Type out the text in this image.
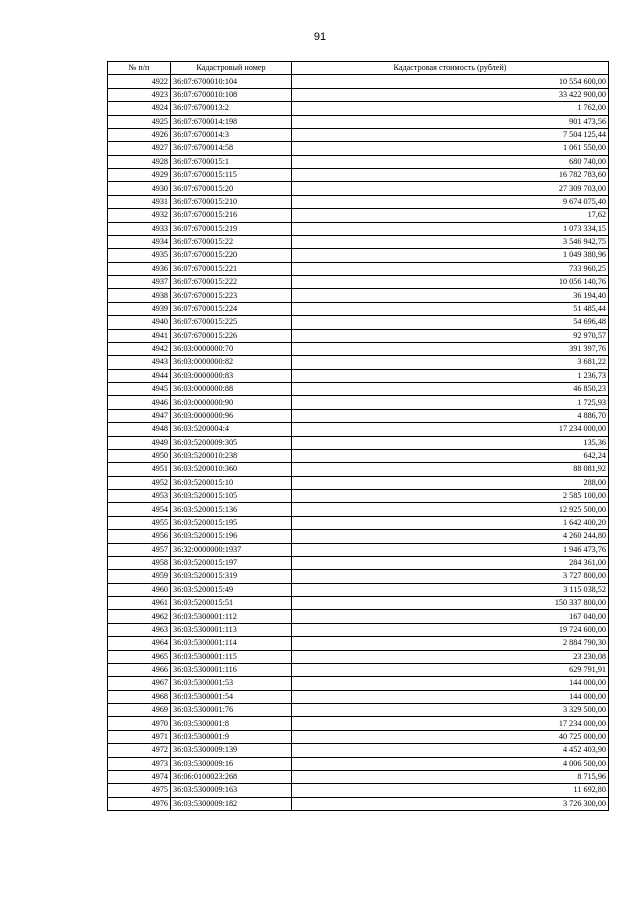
91
№ п/п	Кадастровый номер	Кадастровая стоимость (рублей)
4922	36:07:6700010:104	10 554 600,00
4923	36:07:6700010:108	33 422 900,00
4924	36:07:6700013:2	1 762,00
4925	36:07:6700014:198	901 473,56
4926	36:07:6700014:3	7 504 125,44
4927	36:07:6700014:58	1 061 550,00
4928	36:07:6700015:1	680 740,00
4929	36:07:6700015:115	16 782 783,60
4930	36:07:6700015:20	27 309 703,00
4931	36:07:6700015:210	9 674 075,40
4932	36:07:6700015:216	17,62
4933	36:07:6700015:219	1 073 334,15
4934	36:07:6700015:22	3 546 942,75
4935	36:07:6700015:220	1 049 380,96
4936	36:07:6700015:221	733 960,25
4937	36:07:6700015:222	10 056 140,76
4938	36:07:6700015:223	36 194,40
4939	36:07:6700015:224	51 485,44
4940	36:07:6700015:225	54 696,48
4941	36:07:6700015:226	92 970,57
4942	36:03:0000000:70	391 397,76
4943	36:03:0000000:82	3 681,22
4944	36:03:0000000:83	1 236,73
4945	36:03:0000000:88	46 850,23
4946	36:03:0000000:90	1 725,93
4947	36:03:0000000:96	4 886,70
4948	36:03:5200004:4	17 234 000,00
4949	36:03:5200009:305	135,36
4950	36:03:5200010:238	642,24
4951	36:03:5200010:360	88 081,92
4952	36:03:5200015:10	288,00
4953	36:03:5200015:105	2 585 100,00
4954	36:03:5200015:136	12 925 500,00
4955	36:03:5200015:195	1 642 400,20
4956	36:03:5200015:196	4 260 244,80
4957	36:32:0000000:1937	1 946 473,76
4958	36:03:5200015:197	284 361,00
4959	36:03:5200015:319	3 727 800,00
4960	36:03:5200015:49	3 115 038,52
4961	36:03:5200015:51	150 337 800,00
4962	36:03:5300001:112	167 040,00
4963	36:03:5300001:113	19 724 600,00
4964	36:03:5300001:114	2 884 790,30
4965	36:03:5300001:115	23 230,08
4966	36:03:5300001:116	629 791,91
4967	36:03:5300001:53	144 000,00
4968	36:03:5300001:54	144 000,00
4969	36:03:5300001:76	3 329 500,00
4970	36:03:5300001:8	17 234 000,00
4971	36:03:5300001:9	40 725 000,00
4972	36:03:5300009:139	4 452 403,90
4973	36:03:5300009:16	4 006 500,00
4974	36:06:0100023:268	8 715,96
4975	36:03:5300009:163	11 692,80
4976	36:03:5300009:182	3 726 300,00
